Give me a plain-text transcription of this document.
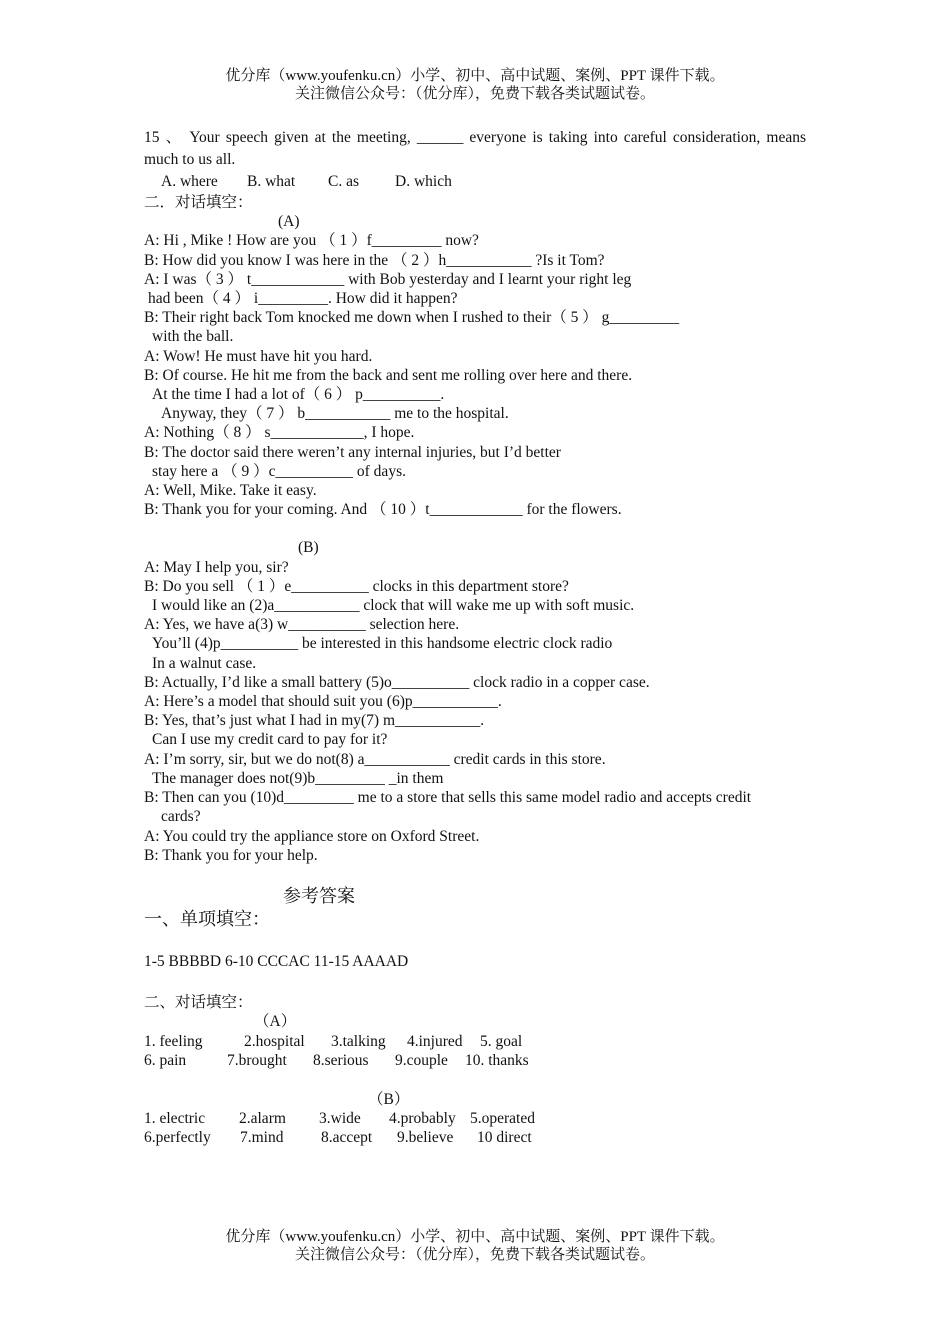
优分库（www.youfenku.cn）小学、初中、高中试题、案例、PPT 课件下载。
关注微信公众号：（优分库），免费下载各类试题试卷。
15 、 Your speech given at the meeting, ______ everyone is taking into careful consideration, means much to us all.
A. where	B. what	C. as	D. which
二．对话填空：
(A)
A: Hi , Mike ! How are you （ 1 ）f_________ now?
B: How did you know I was here in the （ 2 ）h___________ ?Is it Tom?
A: I was（ 3 ） t____________ with Bob yesterday and I learnt your right leg
had been（ 4 ） i_________. How did it happen?
B: Their right back Tom knocked me down when I rushed to their（ 5 ） g_________
with the ball.
A: Wow! He must have hit you hard.
B: Of course. He hit me from the back and sent me rolling over here and there.
At the time I had a lot of（ 6 ） p__________.
Anyway, they（ 7 ） b___________ me to the hospital.
A: Nothing（ 8 ） s____________, I hope.
B: The doctor said there weren’t any internal injuries, but I’d better
stay here a （ 9 ）c__________ of days.
A: Well, Mike. Take it easy.
B: Thank you for your coming. And （ 10 ）t____________ for the flowers.
(B)
A: May I help you, sir?
B: Do you sell （ 1 ）e__________ clocks in this department store?
I would like an (2)a___________ clock that will wake me up with soft music.
A: Yes, we have a(3) w__________ selection here.
You’ll (4)p__________ be interested in this handsome electric clock radio
In a walnut case.
B: Actually, I’d like a small battery (5)o__________ clock radio in a copper case.
A: Here’s a model that should suit you (6)p___________.
B: Yes, that’s just what I had in my(7) m___________.
Can I use my credit card to pay for it?
A: I’m sorry, sir, but we do not(8) a___________ credit cards in this store.
The manager does not(9)b_________ _in them
B: Then can you (10)d_________ me to a store that sells this same model radio and accepts credit
cards?
A: You could try the appliance store on Oxford Street.
B: Thank you for your help.
参考答案
一、单项填空：
1-5 BBBBD 6-10 CCCAC 11-15 AAAAD
二、对话填空：
（A）
1. feeling	2.hospital	3.talking	4.injured	5. goal
6. pain	7.brought	8.serious	9.couple	10. thanks
（B）
1. electric	2.alarm	3.wide	4.probably 5.operated
6.perfectly	7.mind	8.accept	9.believe	10 direct
优分库（www.youfenku.cn）小学、初中、高中试题、案例、PPT 课件下载。
关注微信公众号：（优分库），免费下载各类试题试卷。
